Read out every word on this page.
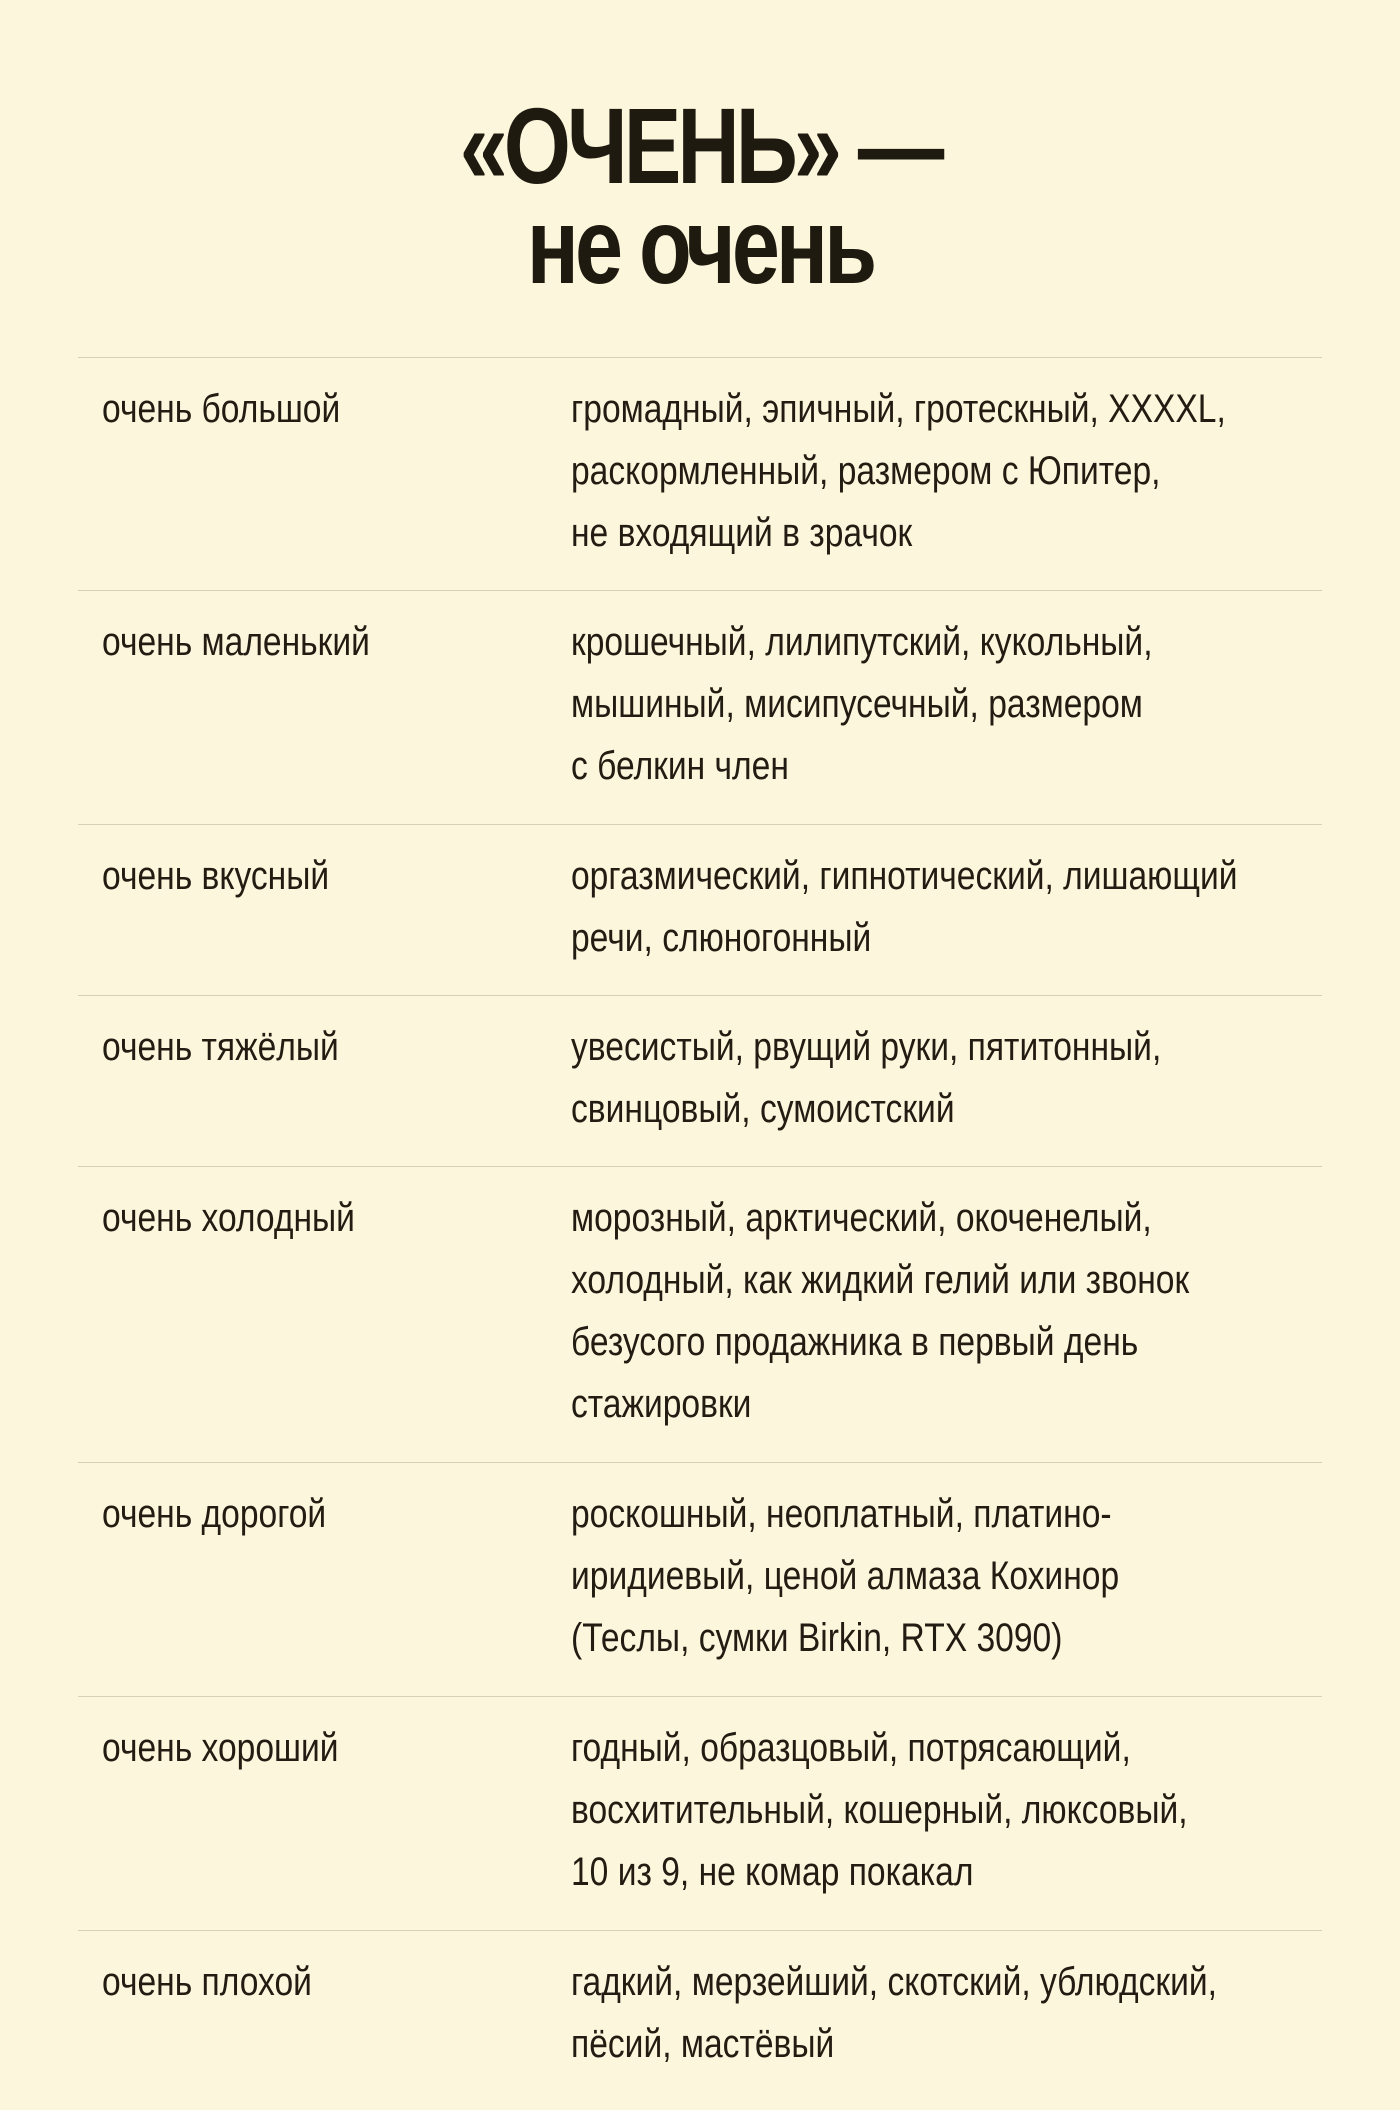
«ОЧЕНЬ» —
не очень
очень большой	громадный, эпичный, гротескный, XXXXL,
раскормленный, размером с Юпитер,
не входящий в зрачок
очень маленький	крошечный, лилипутский, кукольный,
мышиный, мисипусечный, размером
с белкин член
очень вкусный	оргазмический, гипнотический, лишающий
речи, слюногонный
очень тяжёлый	увесистый, рвущий руки, пятитонный,
свинцовый, сумоистский
очень холодный	морозный, арктический, окоченелый,
холодный, как жидкий гелий или звонок
безусого продажника в первый день
стажировки
очень дорогой	роскошный, неоплатный, платино-
иридиевый, ценой алмаза Кохинор
(Теслы, сумки Birkin, RTX 3090)
очень хороший	годный, образцовый, потрясающий,
восхитительный, кошерный, люксовый,
10 из 9, не комар покакал
очень плохой	гадкий, мерзейший, скотский, ублюдский,
пёсий, мастёвый
